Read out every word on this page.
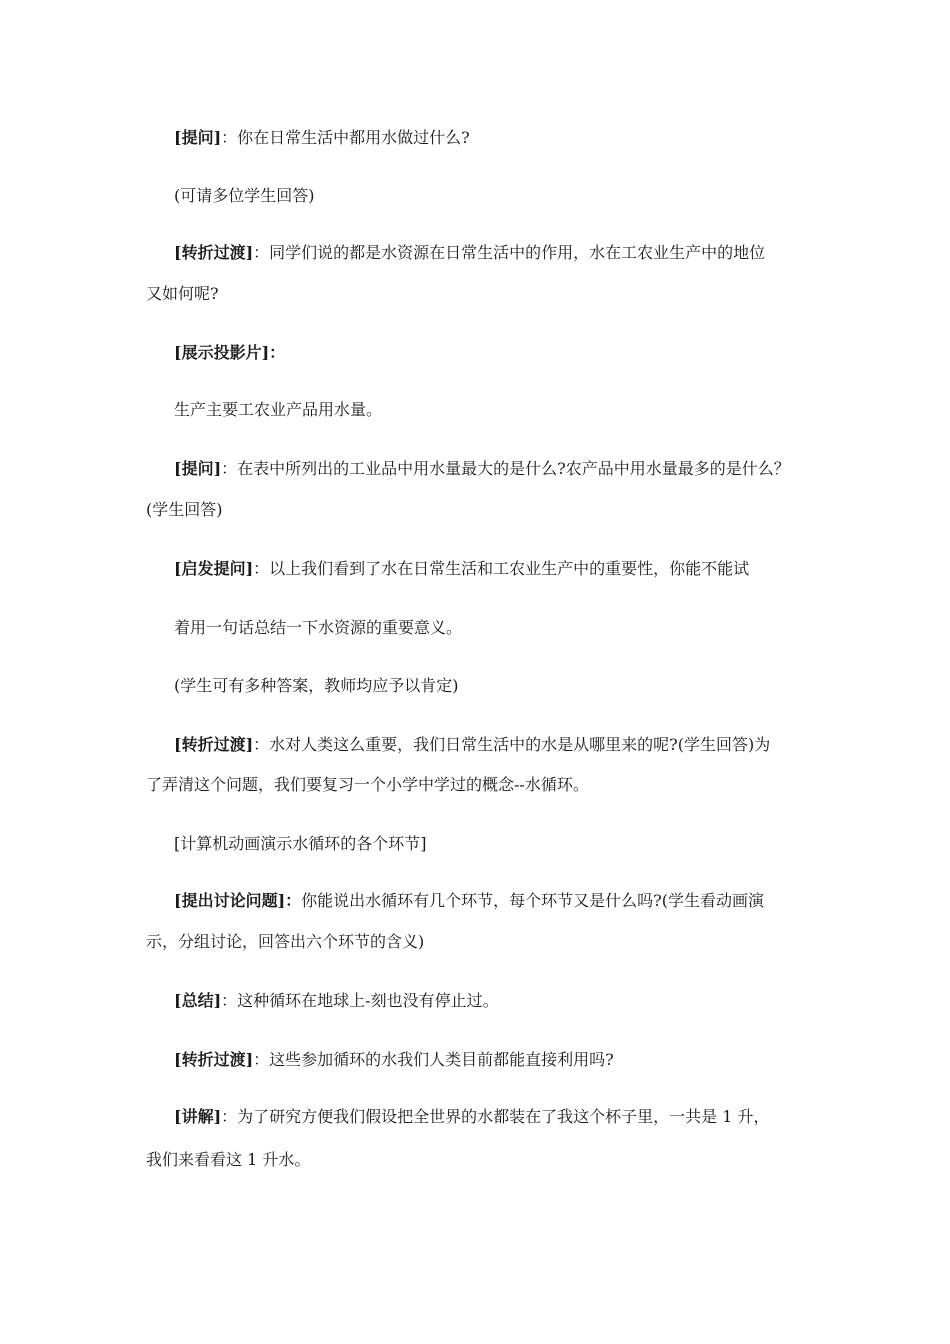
[提问]：你在日常生活中都用水做过什么?
(可请多位学生回答)
[转折过渡]：同学们说的都是水资源在日常生活中的作用，水在工农业生产中的地位
又如何呢?
[展示投影片]：
生产主要工农业产品用水量。
[提问]：在表中所列出的工业品中用水量最大的是什么?农产品中用水量最多的是什么？
(学生回答)
[启发提问]：以上我们看到了水在日常生活和工农业生产中的重要性，你能不能试
着用一句话总结一下水资源的重要意义。
(学生可有多种答案，教师均应予以肯定)
[转折过渡]：水对人类这么重要，我们日常生活中的水是从哪里来的呢?(学生回答)为
了弄清这个问题，我们要复习一个小学中学过的概念--水循环。
[计算机动画演示水循环的各个环节]
[提出讨论问题]：你能说出水循环有几个环节，每个环节又是什么吗?(学生看动画演
示，分组讨论，回答出六个环节的含义)
[总结]：这种循环在地球上-刻也没有停止过。
[转折过渡]：这些参加循环的水我们人类目前都能直接利用吗?
[讲解]：为了研究方便我们假设把全世界的水都装在了我这个杯子里，一共是 1 升，
我们来看看这 1 升水。
